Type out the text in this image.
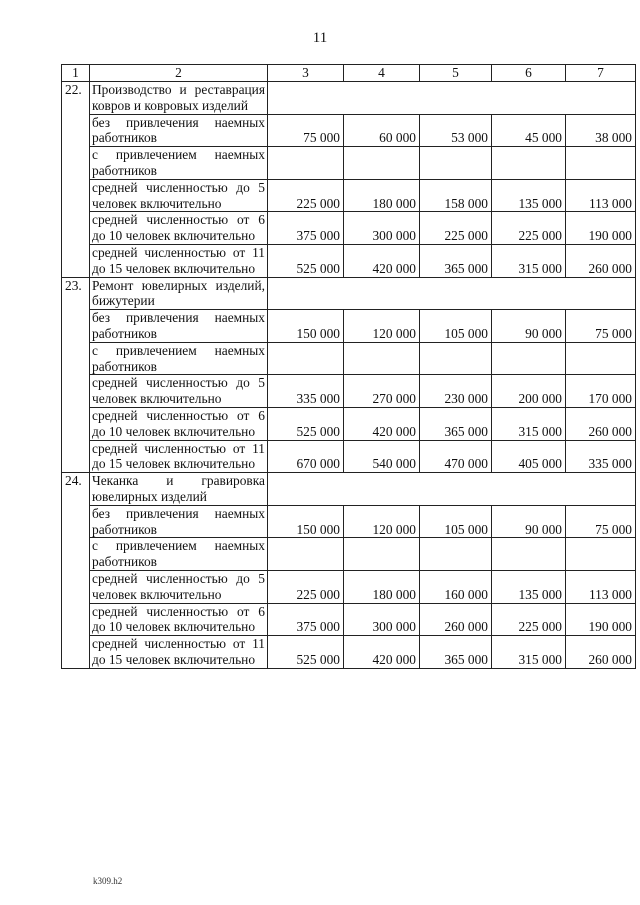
11
1	2	3	4	5	6	7
22.	Производство и реставрация ковров и ковровых изделий					
	без привлечения наемных работников	75 000	60 000	53 000	45 000	38 000
	с привлечением наемных работников					
	средней численностью до 5 человек включительно	225 000	180 000	158 000	135 000	113 000
	средней численностью от 6 до 10 человек включительно	375 000	300 000	225 000	225 000	190 000
	средней численностью от 11 до 15 человек включительно	525 000	420 000	365 000	315 000	260 000
23.	Ремонт ювелирных изделий, бижутерии					
	без привлечения наемных работников	150 000	120 000	105 000	90 000	75 000
	с привлечением наемных работников					
	средней численностью до 5 человек включительно	335 000	270 000	230 000	200 000	170 000
	средней численностью от 6 до 10 человек включительно	525 000	420 000	365 000	315 000	260 000
	средней численностью от 11 до 15 человек включительно	670 000	540 000	470 000	405 000	335 000
24.	Чеканка и гравировка ювелирных изделий					
	без привлечения наемных работников	150 000	120 000	105 000	90 000	75 000
	с привлечением наемных работников					
	средней численностью до 5 человек включительно	225 000	180 000	160 000	135 000	113 000
	средней численностью от 6 до 10 человек включительно	375 000	300 000	260 000	225 000	190 000
	средней численностью от 11 до 15 человек включительно	525 000	420 000	365 000	315 000	260 000
k309.h2
